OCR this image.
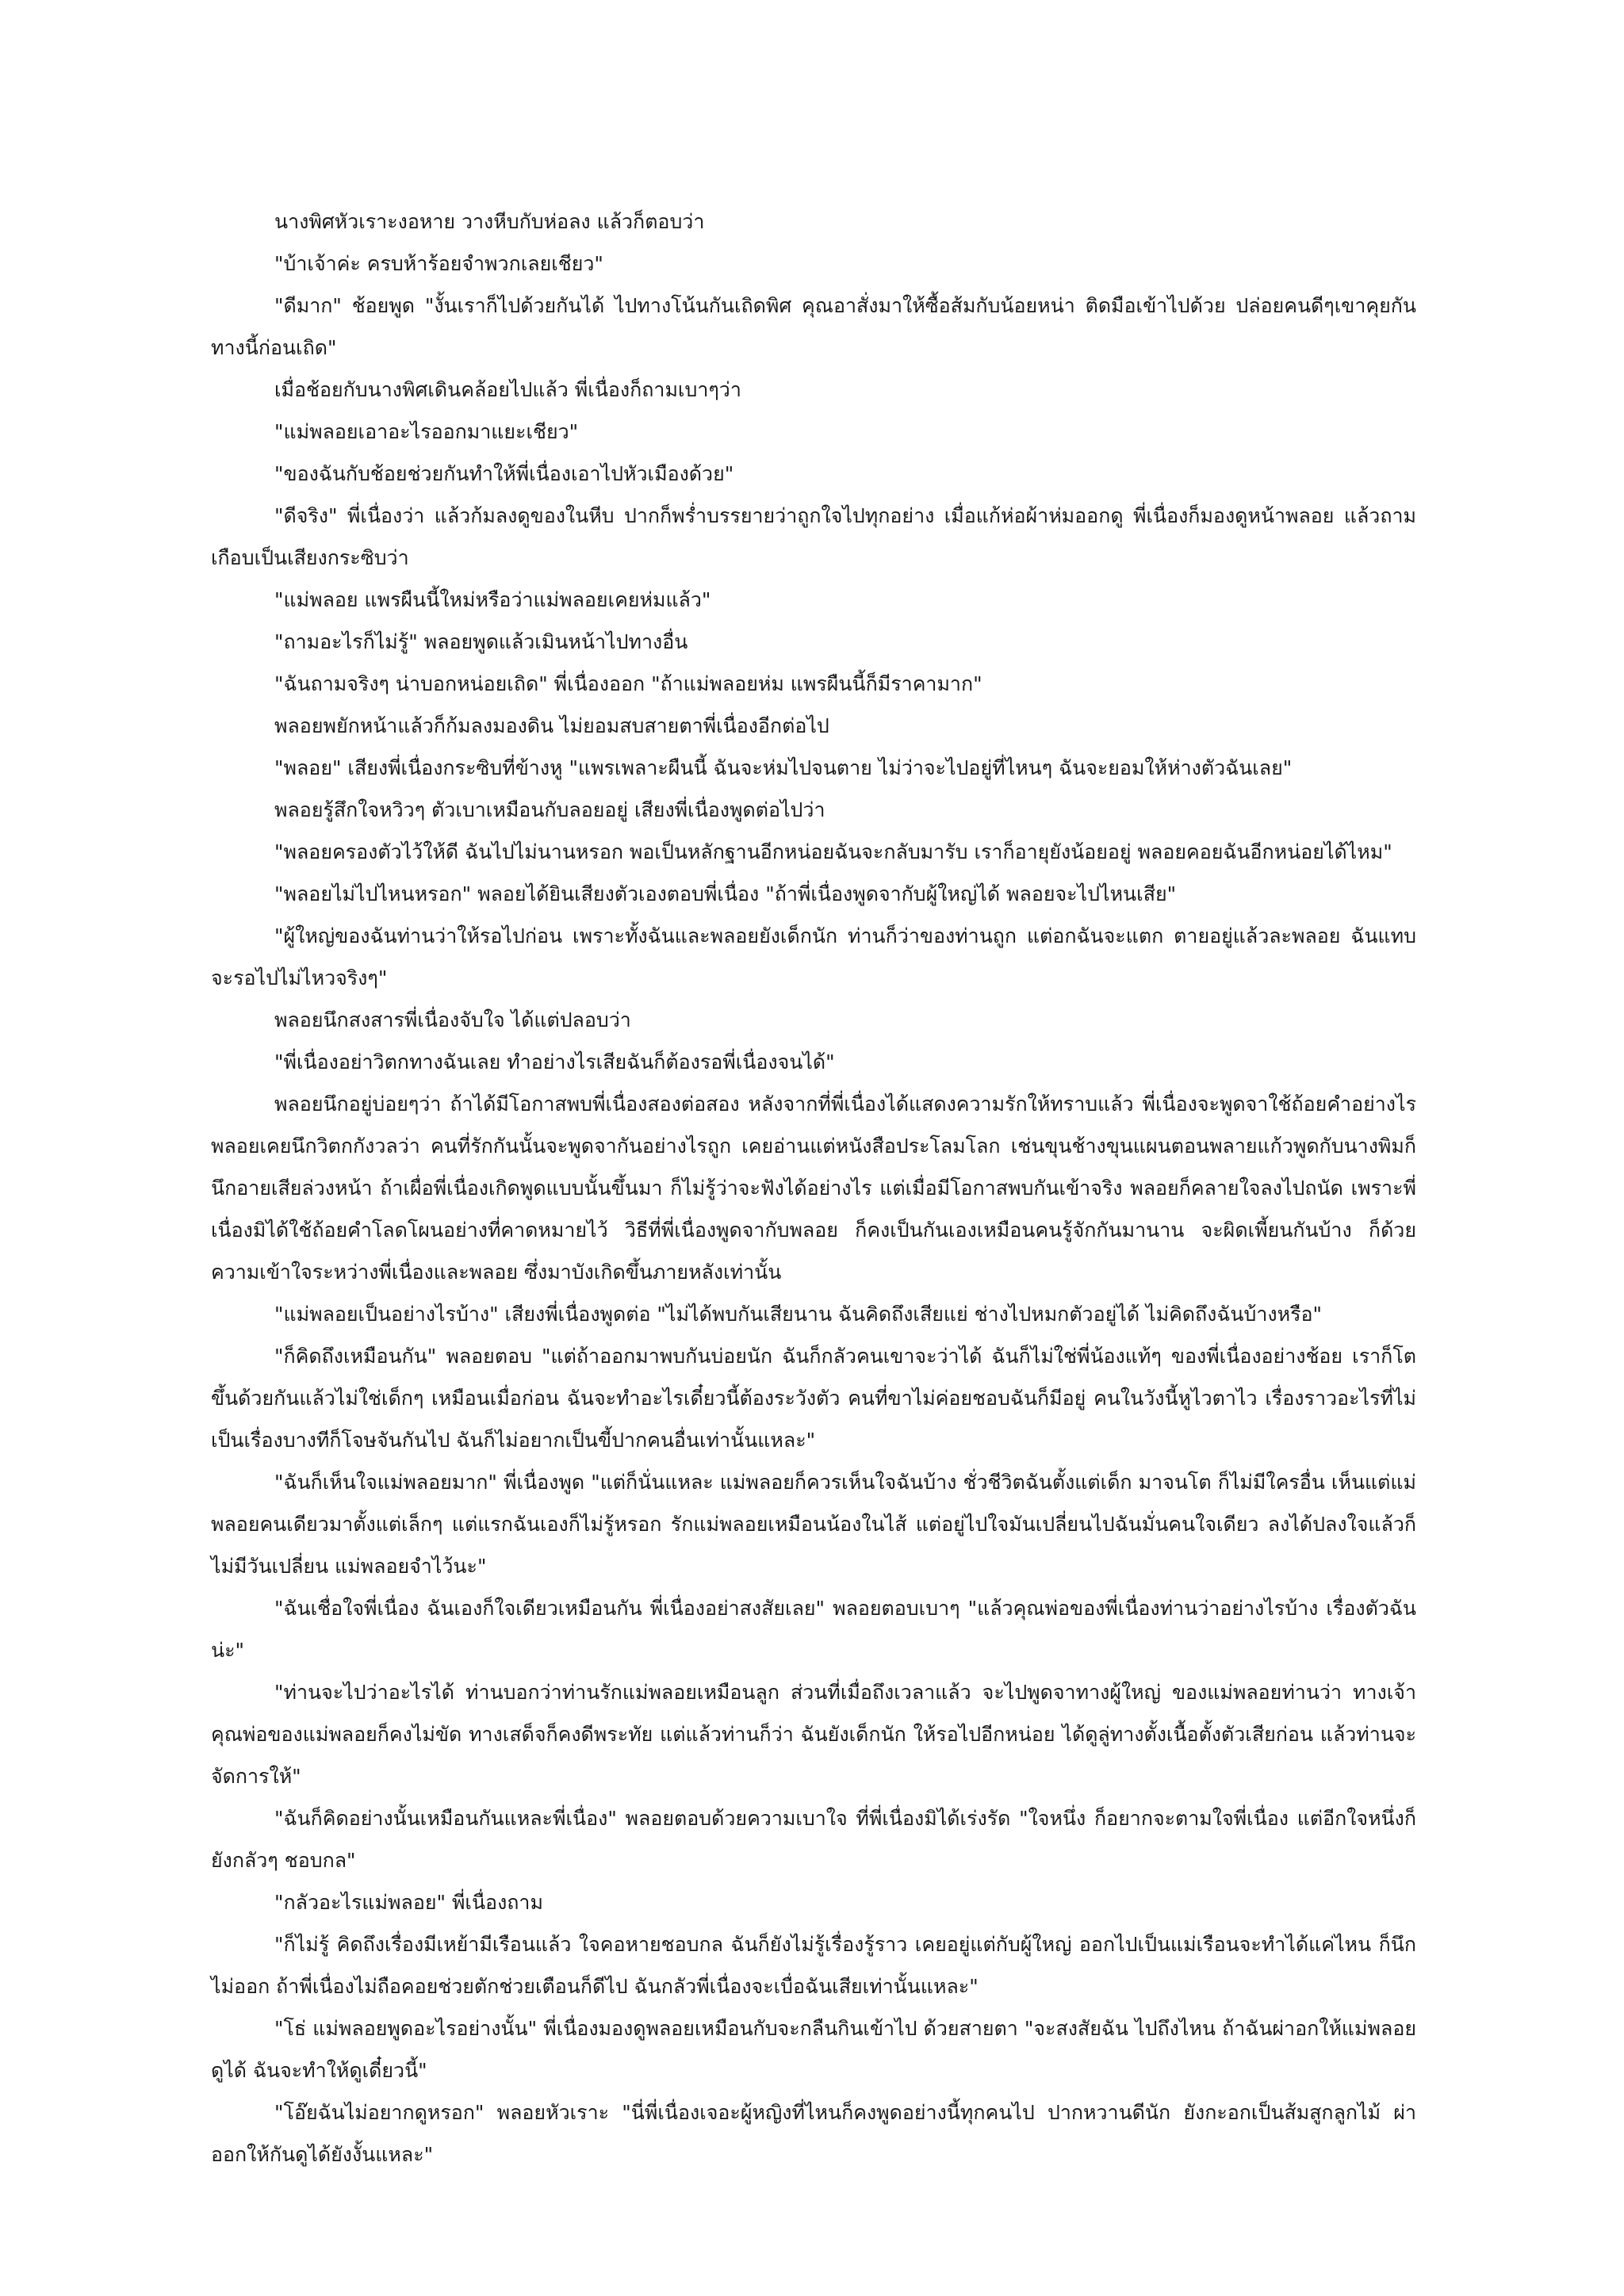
นางพิศหัวเราะงอหาย วางหีบกับห่อลง แล้วก็ตอบว่า

"บ้าเจ้าค่ะ ครบห้าร้อยจำพวกเลยเชียว"

"ดีมาก" ช้อยพูด "งั้นเราก็ไปด้วยกันได้ ไปทางโน้นกันเถิดพิศ คุณอาสั่งมาให้ซื้อส้มกับน้อยหน่า ติดมือเข้าไปด้วย ปล่อยคนดีๆเขาคุยกันทางนี้ก่อนเถิด"

เมื่อช้อยกับนางพิศเดินคล้อยไปแล้ว พี่เนื่องก็ถามเบาๆว่า

"แม่พลอยเอาอะไรออกมาแยะเชียว"

"ของฉันกับช้อยช่วยกันทำให้พี่เนื่องเอาไปหัวเมืองด้วย"

"ดีจริง" พี่เนื่องว่า แล้วก้มลงดูของในหีบ ปากก็พร่ำบรรยายว่าถูกใจไปทุกอย่าง เมื่อแก้ห่อผ้าห่มออกดู พี่เนื่องก็มองดูหน้าพลอย แล้วถามเกือบเป็นเสียงกระซิบว่า

"แม่พลอย แพรผืนนี้ใหม่หรือว่าแม่พลอยเคยห่มแล้ว"

"ถามอะไรก็ไม่รู้" พลอยพูดแล้วเมินหน้าไปทางอื่น

"ฉันถามจริงๆ น่าบอกหน่อยเถิด" พี่เนื่องออก "ถ้าแม่พลอยห่ม แพรผืนนี้ก็มีราคามาก"

พลอยพยักหน้าแล้วก็ก้มลงมองดิน ไม่ยอมสบสายตาพี่เนื่องอีกต่อไป

"พลอย" เสียงพี่เนื่องกระซิบที่ข้างหู "แพรเพลาะผืนนี้ ฉันจะห่มไปจนตาย ไม่ว่าจะไปอยู่ที่ไหนๆ ฉันจะยอมให้ห่างตัวฉันเลย"

พลอยรู้สึกใจหวิวๆ ตัวเบาเหมือนกับลอยอยู่ เสียงพี่เนื่องพูดต่อไปว่า

"พลอยครองตัวไว้ให้ดี ฉันไปไม่นานหรอก พอเป็นหลักฐานอีกหน่อยฉันจะกลับมารับ เราก็อายุยังน้อยอยู่ พลอยคอยฉันอีกหน่อยได้ไหม"

"พลอยไม่ไปไหนหรอก" พลอยได้ยินเสียงตัวเองตอบพี่เนื่อง "ถ้าพี่เนื่องพูดจากับผู้ใหญ่ได้ พลอยจะไปไหนเสีย"

"ผู้ใหญ่ของฉันท่านว่าให้รอไปก่อน เพราะทั้งฉันและพลอยยังเด็กนัก ท่านก็ว่าของท่านถูก แต่อกฉันจะแตก ตายอยู่แล้วละพลอย ฉันแทบจะรอไปไม่ไหวจริงๆ"

พลอยนึกสงสารพี่เนื่องจับใจ ได้แต่ปลอบว่า

"พี่เนื่องอย่าวิตกทางฉันเลย ทำอย่างไรเสียฉันก็ต้องรอพี่เนื่องจนได้"

พลอยนึกอยู่บ่อยๆว่า ถ้าได้มีโอกาสพบพี่เนื่องสองต่อสอง หลังจากที่พี่เนื่องได้แสดงความรักให้ทราบแล้ว พี่เนื่องจะพูดจาใช้ถ้อยคำอย่างไร พลอยเคยนึกวิตกกังวลว่า คนที่รักกันนั้นจะพูดจากันอย่างไรถูก เคยอ่านแต่หนังสือประโลมโลก เช่นขุนช้างขุนแผนตอนพลายแก้วพูดกับนางพิมก็นึกอายเสียล่วงหน้า ถ้าเผื่อพี่เนื่องเกิดพูดแบบนั้นขึ้นมา ก็ไม่รู้ว่าจะฟังได้อย่างไร แต่เมื่อมีโอกาสพบกันเข้าจริง พลอยก็คลายใจลงไปถนัด เพราะพี่เนื่องมิได้ใช้ถ้อยคำโลดโผนอย่างที่คาดหมายไว้ วิธีที่พี่เนื่องพูดจากับพลอย ก็คงเป็นกันเองเหมือนคนรู้จักกันมานาน จะผิดเพี้ยนกันบ้าง ก็ด้วยความเข้าใจระหว่างพี่เนื่องและพลอย ซึ่งมาบังเกิดขึ้นภายหลังเท่านั้น

"แม่พลอยเป็นอย่างไรบ้าง" เสียงพี่เนื่องพูดต่อ "ไม่ได้พบกันเสียนาน ฉันคิดถึงเสียแย่ ช่างไปหมกตัวอยู่ได้ ไม่คิดถึงฉันบ้างหรือ"

"ก็คิดถึงเหมือนกัน" พลอยตอบ "แต่ถ้าออกมาพบกันบ่อยนัก ฉันก็กลัวคนเขาจะว่าได้ ฉันก็ไม่ใช่พี่น้องแท้ๆ ของพี่เนื่องอย่างช้อย เราก็โตขึ้นด้วยกันแล้วไม่ใช่เด็กๆ เหมือนเมื่อก่อน ฉันจะทำอะไรเดี๋ยวนี้ต้องระวังตัว คนที่ขาไม่ค่อยชอบฉันก็มีอยู่ คนในวังนี้หูไวตาไว เรื่องราวอะไรที่ไม่เป็นเรื่องบางทีก็โจษจันกันไป ฉันก็ไม่อยากเป็นขี้ปากคนอื่นเท่านั้นแหละ"

"ฉันก็เห็นใจแม่พลอยมาก" พี่เนื่องพูด "แต่ก็นั่นแหละ แม่พลอยก็ควรเห็นใจฉันบ้าง ชั่วชีวิตฉันตั้งแต่เด็ก มาจนโต ก็ไม่มีใครอื่น เห็นแต่แม่พลอยคนเดียวมาตั้งแต่เล็กๆ แต่แรกฉันเองก็ไม่รู้หรอก รักแม่พลอยเหมือนน้องในไส้ แต่อยู่ไปใจมันเปลี่ยนไปฉันมั่นคนใจเดียว ลงได้ปลงใจแล้วก็ไม่มีวันเปลี่ยน แม่พลอยจำไว้นะ"

"ฉันเชื่อใจพี่เนื่อง ฉันเองก็ใจเดียวเหมือนกัน พี่เนื่องอย่าสงสัยเลย" พลอยตอบเบาๆ "แล้วคุณพ่อของพี่เนื่องท่านว่าอย่างไรบ้าง เรื่องตัวฉันน่ะ"

"ท่านจะไปว่าอะไรได้ ท่านบอกว่าท่านรักแม่พลอยเหมือนลูก ส่วนที่เมื่อถึงเวลาแล้ว จะไปพูดจาทางผู้ใหญ่ ของแม่พลอยท่านว่า ทางเจ้าคุณพ่อของแม่พลอยก็คงไม่ขัด ทางเสด็จก็คงดีพระทัย แต่แล้วท่านก็ว่า ฉันยังเด็กนัก ให้รอไปอีกหน่อย ได้ดูลู่ทางตั้งเนื้อตั้งตัวเสียก่อน แล้วท่านจะจัดการให้"

"ฉันก็คิดอย่างนั้นเหมือนกันแหละพี่เนื่อง" พลอยตอบด้วยความเบาใจ ที่พี่เนื่องมิได้เร่งรัด "ใจหนึ่ง ก็อยากจะตามใจพี่เนื่อง แต่อีกใจหนึ่งก็ยังกลัวๆ ชอบกล"

"กลัวอะไรแม่พลอย" พี่เนื่องถาม

"ก็ไม่รู้ คิดถึงเรื่องมีเหย้ามีเรือนแล้ว ใจคอหายชอบกล ฉันก็ยังไม่รู้เรื่องรู้ราว เคยอยู่แต่กับผู้ใหญ่ ออกไปเป็นแม่เรือนจะทำได้แค่ไหน ก็นึกไม่ออก ถ้าพี่เนื่องไม่ถือคอยช่วยตักช่วยเตือนก็ดีไป ฉันกลัวพี่เนื่องจะเบื่อฉันเสียเท่านั้นแหละ"

"โธ่ แม่พลอยพูดอะไรอย่างนั้น" พี่เนื่องมองดูพลอยเหมือนกับจะกลืนกินเข้าไป ด้วยสายตา "จะสงสัยฉัน ไปถึงไหน ถ้าฉันผ่าอกให้แม่พลอยดูได้ ฉันจะทำให้ดูเดี๋ยวนี้"

"โอ๊ยฉันไม่อยากดูหรอก" พลอยหัวเราะ "นี่พี่เนื่องเจอะผู้หญิงที่ไหนก็คงพูดอย่างนี้ทุกคนไป ปากหวานดีนัก ยังกะอกเป็นส้มสูกลูกไม้ ผ่าออกให้กันดูได้ยังงั้นแหละ"
